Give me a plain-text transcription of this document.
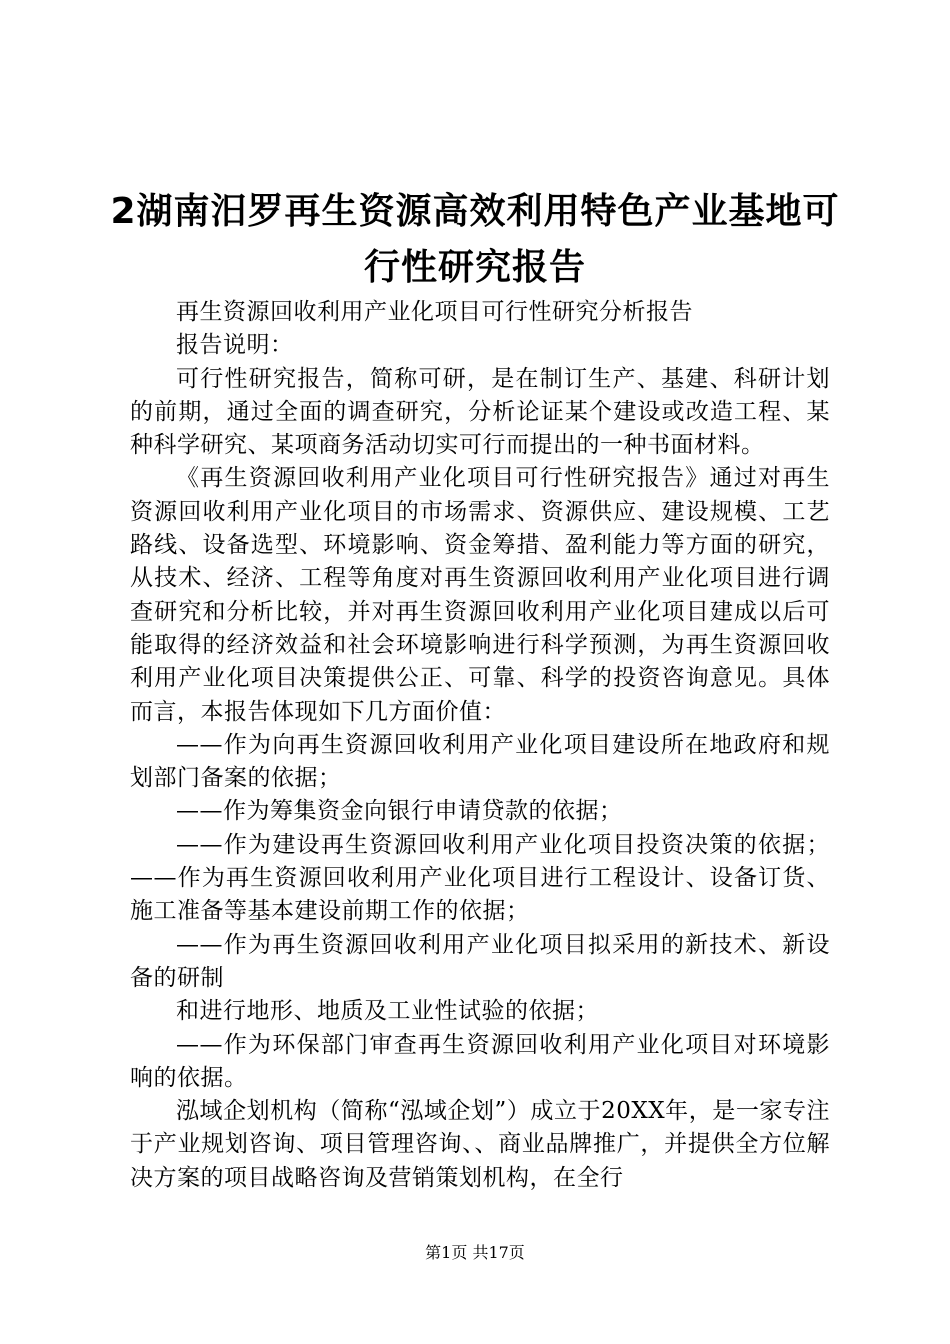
2湖南汨罗再生资源高效利用特色产业基地可
行性研究报告

再生资源回收利用产业化项目可行性研究分析报告

报告说明：

可行性研究报告，简称可研，是在制订生产、基建、科研计划的前期，通过全面的调查研究，分析论证某个建设或改造工程、某种科学研究、某项商务活动切实可行而提出的一种书面材料。

《再生资源回收利用产业化项目可行性研究报告》通过对再生资源回收利用产业化项目的市场需求、资源供应、建设规模、工艺路线、设备选型、环境影响、资金筹措、盈利能力等方面的研究，从技术、经济、工程等角度对再生资源回收利用产业化项目进行调查研究和分析比较，并对再生资源回收利用产业化项目建成以后可能取得的经济效益和社会环境影响进行科学预测，为再生资源回收利用产业化项目决策提供公正、可靠、科学的投资咨询意见。具体而言，本报告体现如下几方面价值：

——作为向再生资源回收利用产业化项目建设所在地政府和规划部门备案的依据；

——作为筹集资金向银行申请贷款的依据；

——作为建设再生资源回收利用产业化项目投资决策的依据；——作为再生资源回收利用产业化项目进行工程设计、设备订货、施工准备等基本建设前期工作的依据；

——作为再生资源回收利用产业化项目拟采用的新技术、新设备的研制

和进行地形、地质及工业性试验的依据；

——作为环保部门审查再生资源回收利用产业化项目对环境影响的依据。

泓域企划机构（简称“泓域企划”）成立于20XX年，是一家专注于产业规划咨询、项目管理咨询、、商业品牌推广，并提供全方位解决方案的项目战略咨询及营销策划机构，在全行

第1页 共17页
